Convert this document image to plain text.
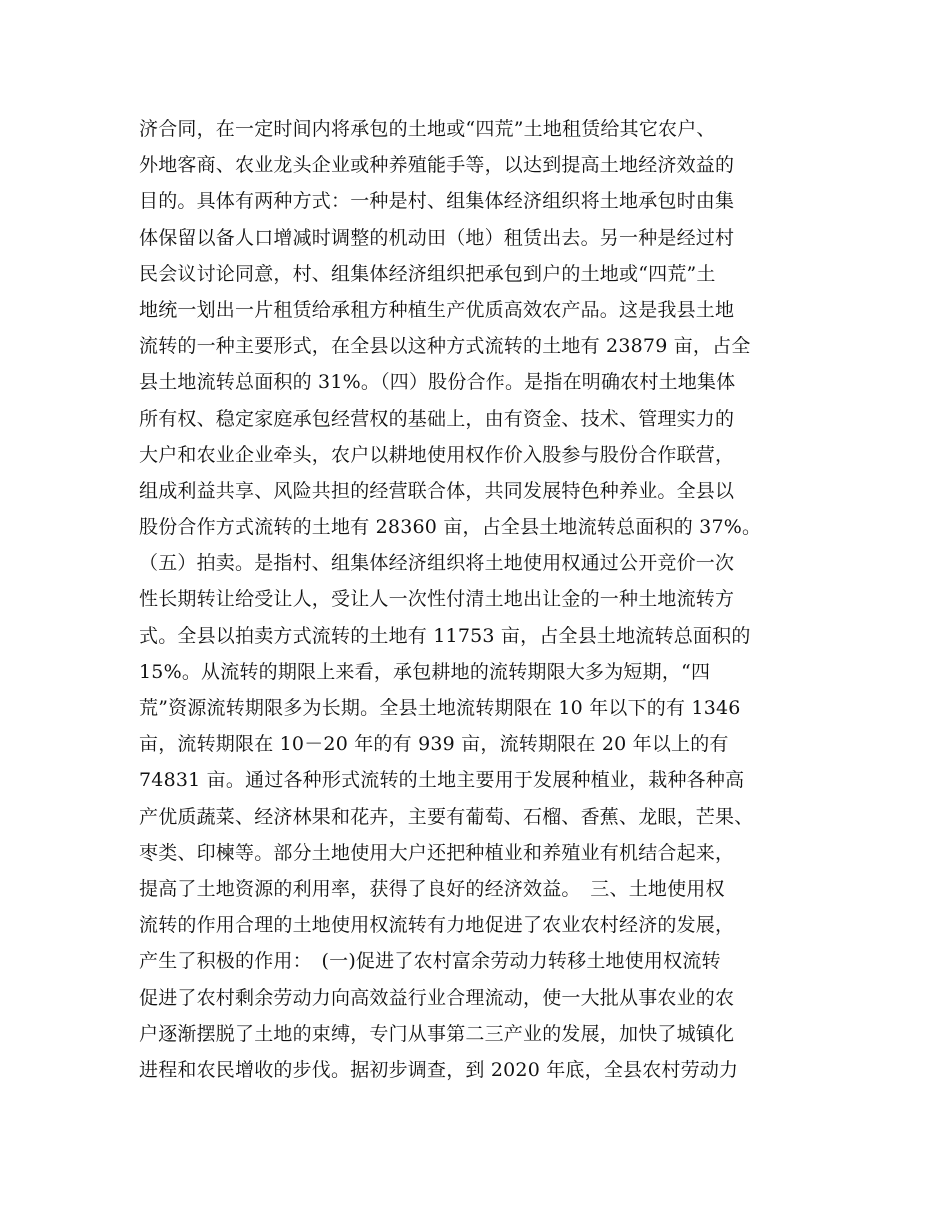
济合同，在一定时间内将承包的土地或“四荒”土地租赁给其它农户、
外地客商、农业龙头企业或种养殖能手等，以达到提高土地经济效益的
目的。具体有两种方式：一种是村、组集体经济组织将土地承包时由集
体保留以备人口增减时调整的机动田（地）租赁出去。另一种是经过村
民会议讨论同意，村、组集体经济组织把承包到户的土地或“四荒”土
地统一划出一片租赁给承租方种植生产优质高效农产品。这是我县土地
流转的一种主要形式，在全县以这种方式流转的土地有 23879 亩，占全
县土地流转总面积的 31%。（四）股份合作。是指在明确农村土地集体
所有权、稳定家庭承包经营权的基础上，由有资金、技术、管理实力的
大户和农业企业牵头，农户以耕地使用权作价入股参与股份合作联营，
组成利益共享、风险共担的经营联合体，共同发展特色种养业。全县以
股份合作方式流转的土地有 28360 亩，占全县土地流转总面积的 37%。
（五）拍卖。是指村、组集体经济组织将土地使用权通过公开竞价一次
性长期转让给受让人，受让人一次性付清土地出让金的一种土地流转方
式。全县以拍卖方式流转的土地有 11753 亩，占全县土地流转总面积的
15%。从流转的期限上来看，承包耕地的流转期限大多为短期，“四
荒”资源流转期限多为长期。全县土地流转期限在 10 年以下的有 1346
亩，流转期限在 10－20 年的有 939 亩，流转期限在 20 年以上的有
74831 亩。通过各种形式流转的土地主要用于发展种植业，栽种各种高
产优质蔬菜、经济林果和花卉，主要有葡萄、石榴、香蕉、龙眼，芒果、
枣类、印楝等。部分土地使用大户还把种植业和养殖业有机结合起来，
提高了土地资源的利用率，获得了良好的经济效益。　三、土地使用权
流转的作用合理的土地使用权流转有力地促进了农业农村经济的发展，
产生了积极的作用：　(一)促进了农村富余劳动力转移土地使用权流转
促进了农村剩余劳动力向高效益行业合理流动，使一大批从事农业的农
户逐渐摆脱了土地的束缚，专门从事第二三产业的发展，加快了城镇化
进程和农民增收的步伐。据初步调查，到 2020 年底，全县农村劳动力
